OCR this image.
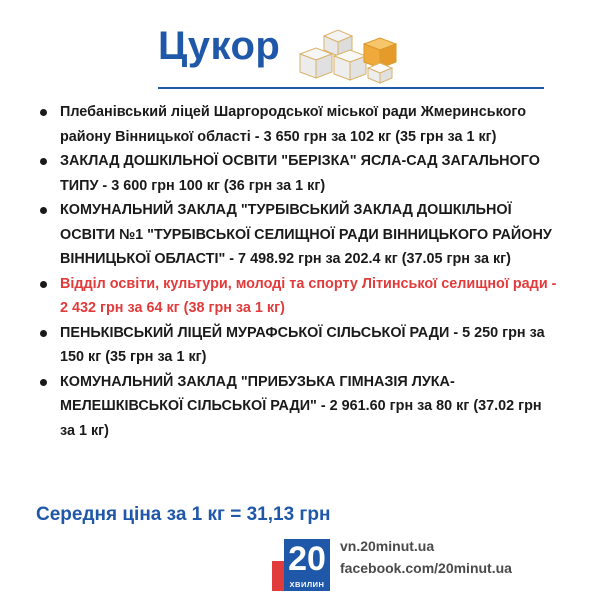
Цукор
Плебанівський ліцей Шаргородської міської ради Жмеринського району Вінницької області - 3 650 грн за 102 кг (35 грн за 1 кг)
ЗАКЛАД ДОШКІЛЬНОЇ ОСВІТИ "БЕРІЗКА" ЯСЛА-САД ЗАГАЛЬНОГО ТИПУ - 3 600 грн 100 кг (36 грн за 1 кг)
КОМУНАЛЬНИЙ ЗАКЛАД "ТУРБІВСЬКИЙ ЗАКЛАД ДОШКІЛЬНОЇ ОСВІТИ №1 "ТУРБІВСЬКОЇ СЕЛИЩНОЇ РАДИ ВІННИЦЬКОГО РАЙОНУ ВІННИЦЬКОЇ ОБЛАСТІ" - 7 498.92 грн за 202.4 кг (37.05 грн за кг)
Відділ освіти, культури, молоді та спорту Літинської селищної ради - 2 432 грн за 64 кг (38 грн за 1 кг)
ПЕНЬКІВСЬКИЙ ЛІЦЕЙ МУРАФСЬКОЇ СІЛЬСЬКОЇ РАДИ - 5 250 грн за 150 кг (35 грн за 1 кг)
КОМУНАЛЬНИЙ ЗАКЛАД "ПРИБУЗЬКА ГІМНАЗІЯ ЛУКА-МЕЛЕШКІВСЬКОЇ СІЛЬСЬКОЇ РАДИ" - 2 961.60 грн за 80 кг (37.02 грн за 1 кг)

Середня ціна за 1 кг = 31,13 грн

20
ХВИЛИН
vn.20minut.ua
facebook.com/20minut.ua
